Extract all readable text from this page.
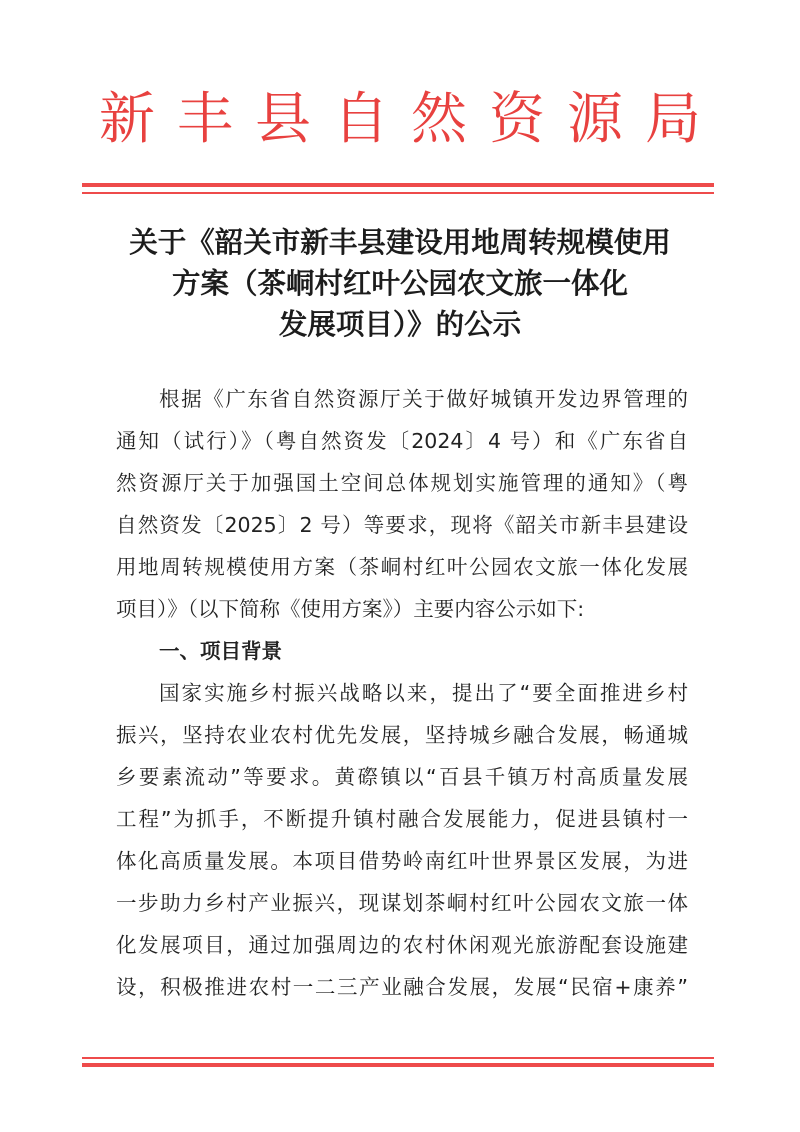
新丰县自然资源局
关于《韶关市新丰县建设用地周转规模使用
方案（茶峒村红叶公园农文旅一体化
发展项目）》的公示
根据《广东省自然资源厅关于做好城镇开发边界管理的
通知（试行）》（粤自然资发〔2024〕4 号）和《广东省自
然资源厅关于加强国土空间总体规划实施管理的通知》（粤
自然资发〔2025〕2 号）等要求，现将《韶关市新丰县建设
用地周转规模使用方案（茶峒村红叶公园农文旅一体化发展
项目）》（以下简称《使用方案》）主要内容公示如下:
一、项目背景
国家实施乡村振兴战略以来，提出了“要全面推进乡村
振兴，坚持农业农村优先发展，坚持城乡融合发展，畅通城
乡要素流动”等要求。黄磜镇以“百县千镇万村高质量发展
工程”为抓手，不断提升镇村融合发展能力，促进县镇村一
体化高质量发展。本项目借势岭南红叶世界景区发展，为进
一步助力乡村产业振兴，现谋划茶峒村红叶公园农文旅一体
化发展项目，通过加强周边的农村休闲观光旅游配套设施建
设，积极推进农村一二三产业融合发展，发展“民宿+康养”
